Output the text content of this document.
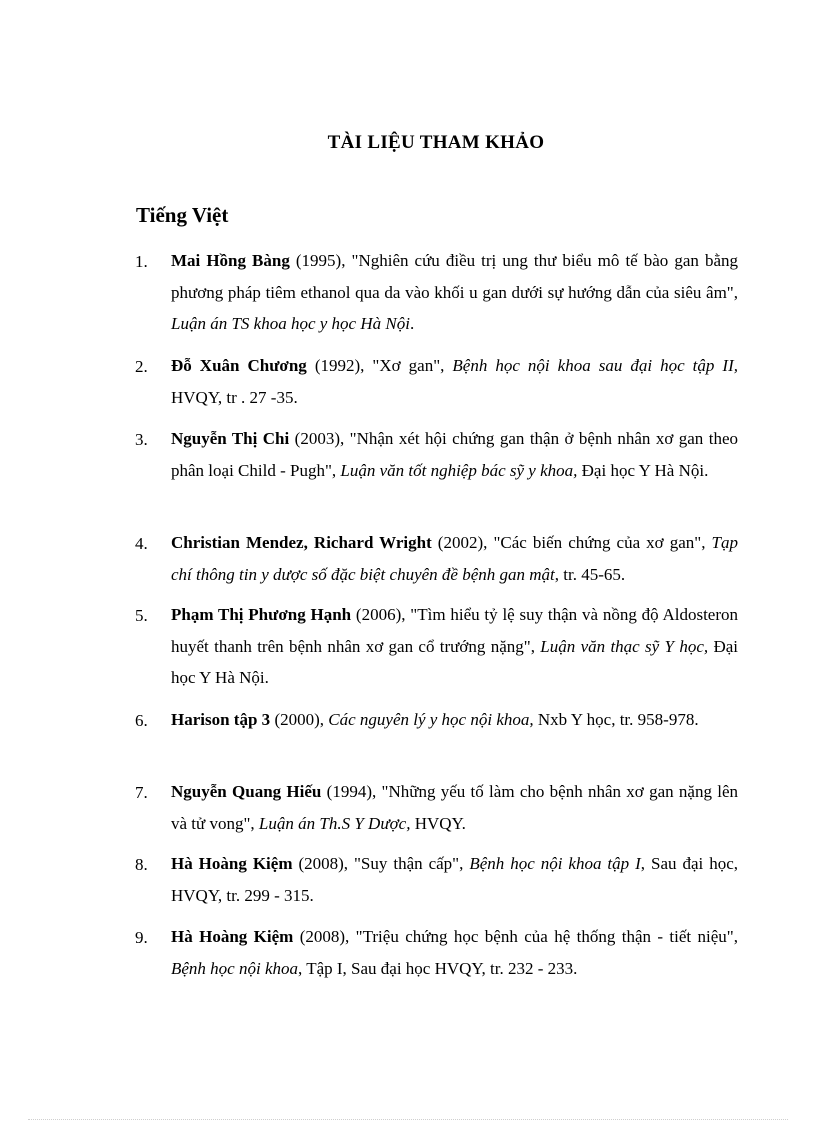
TÀI LIỆU THAM KHẢO
Tiếng Việt
1. Mai Hồng Bàng (1995), "Nghiên cứu điều trị ung thư biểu mô tế bào gan bằng phương pháp tiêm ethanol qua da vào khối u gan dưới sự hướng dẫn của siêu âm", Luận án TS khoa học y học Hà Nội.
2. Đỗ Xuân Chương (1992), "Xơ gan", Bệnh học nội khoa sau đại học tập II, HVQY, tr . 27 -35.
3. Nguyễn Thị Chi (2003), "Nhận xét hội chứng gan thận ở bệnh nhân xơ gan theo phân loại Child - Pugh", Luận văn tốt nghiệp bác sỹ y khoa, Đại học Y Hà Nội.
4. Christian Mendez, Richard Wright (2002), "Các biến chứng của xơ gan", Tạp chí thông tin y dược số đặc biệt chuyên đề bệnh gan mật, tr. 45-65.
5. Phạm Thị Phương Hạnh (2006), "Tìm hiểu tỷ lệ suy thận và nồng độ Aldosteron huyết thanh trên bệnh nhân xơ gan cổ trướng nặng", Luận văn thạc sỹ Y học, Đại học Y Hà Nội.
6. Harison tập 3 (2000), Các nguyên lý y học nội khoa, Nxb Y học, tr. 958-978.
7. Nguyễn Quang Hiếu (1994), "Những yếu tố làm cho bệnh nhân xơ gan nặng lên và tử vong", Luận án Th.S Y Dược, HVQY.
8. Hà Hoàng Kiệm (2008), "Suy thận cấp", Bệnh học nội khoa tập I, Sau đại học, HVQY, tr. 299 - 315.
9. Hà Hoàng Kiệm (2008), "Triệu chứng học bệnh của hệ thống thận - tiết niệu", Bệnh học nội khoa, Tập I, Sau đại học HVQY, tr. 232 - 233.
